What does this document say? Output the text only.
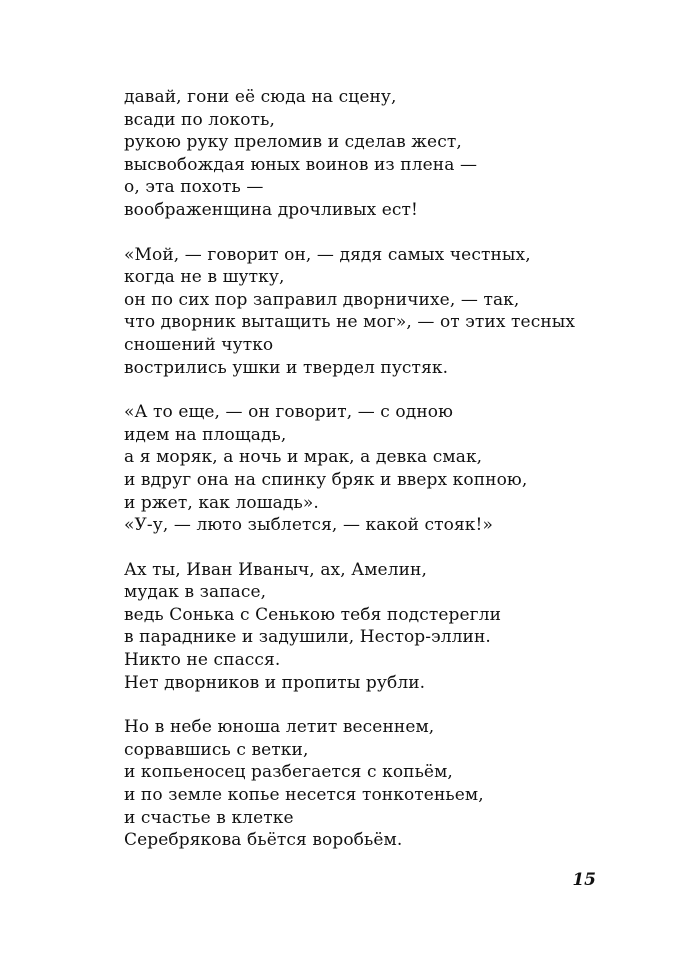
давай, гони её сюда на сцену,
всади по локоть,
рукою руку преломив и сделав жест,
высвобождая юных воинов из плена —
о, эта похоть —
воображенщина дрочливых ест!
«Мой, — говорит он, — дядя самых честных,
когда не в шутку,
он по сих пор заправил дворничихе, — так,
что дворник вытащить не мог», — от этих тесных
сношений чутко
вострились ушки и твердел пустяк.
«А то еще, — он говорит, — с одною
идем на площадь,
а я моряк, а ночь и мрак, а девка смак,
и вдруг она на спинку бряк и вверх копною,
и ржет, как лошадь».
«У-у, — люто зыблется, — какой стояк!»
Ах ты, Иван Иваныч, ах, Амелин,
мудак в запасе,
ведь Сонька с Сенькою тебя подстерегли
в параднике и задушили, Нестор-эллин.
Никто не спасся.
Нет дворников и пропиты рубли.
Но в небе юноша летит весеннем,
сорвавшись с ветки,
и копьеносец разбегается с копьём,
и по земле копье несется тонкотеньем,
и счастье в клетке
Серебрякова бьётся воробьём.
15
